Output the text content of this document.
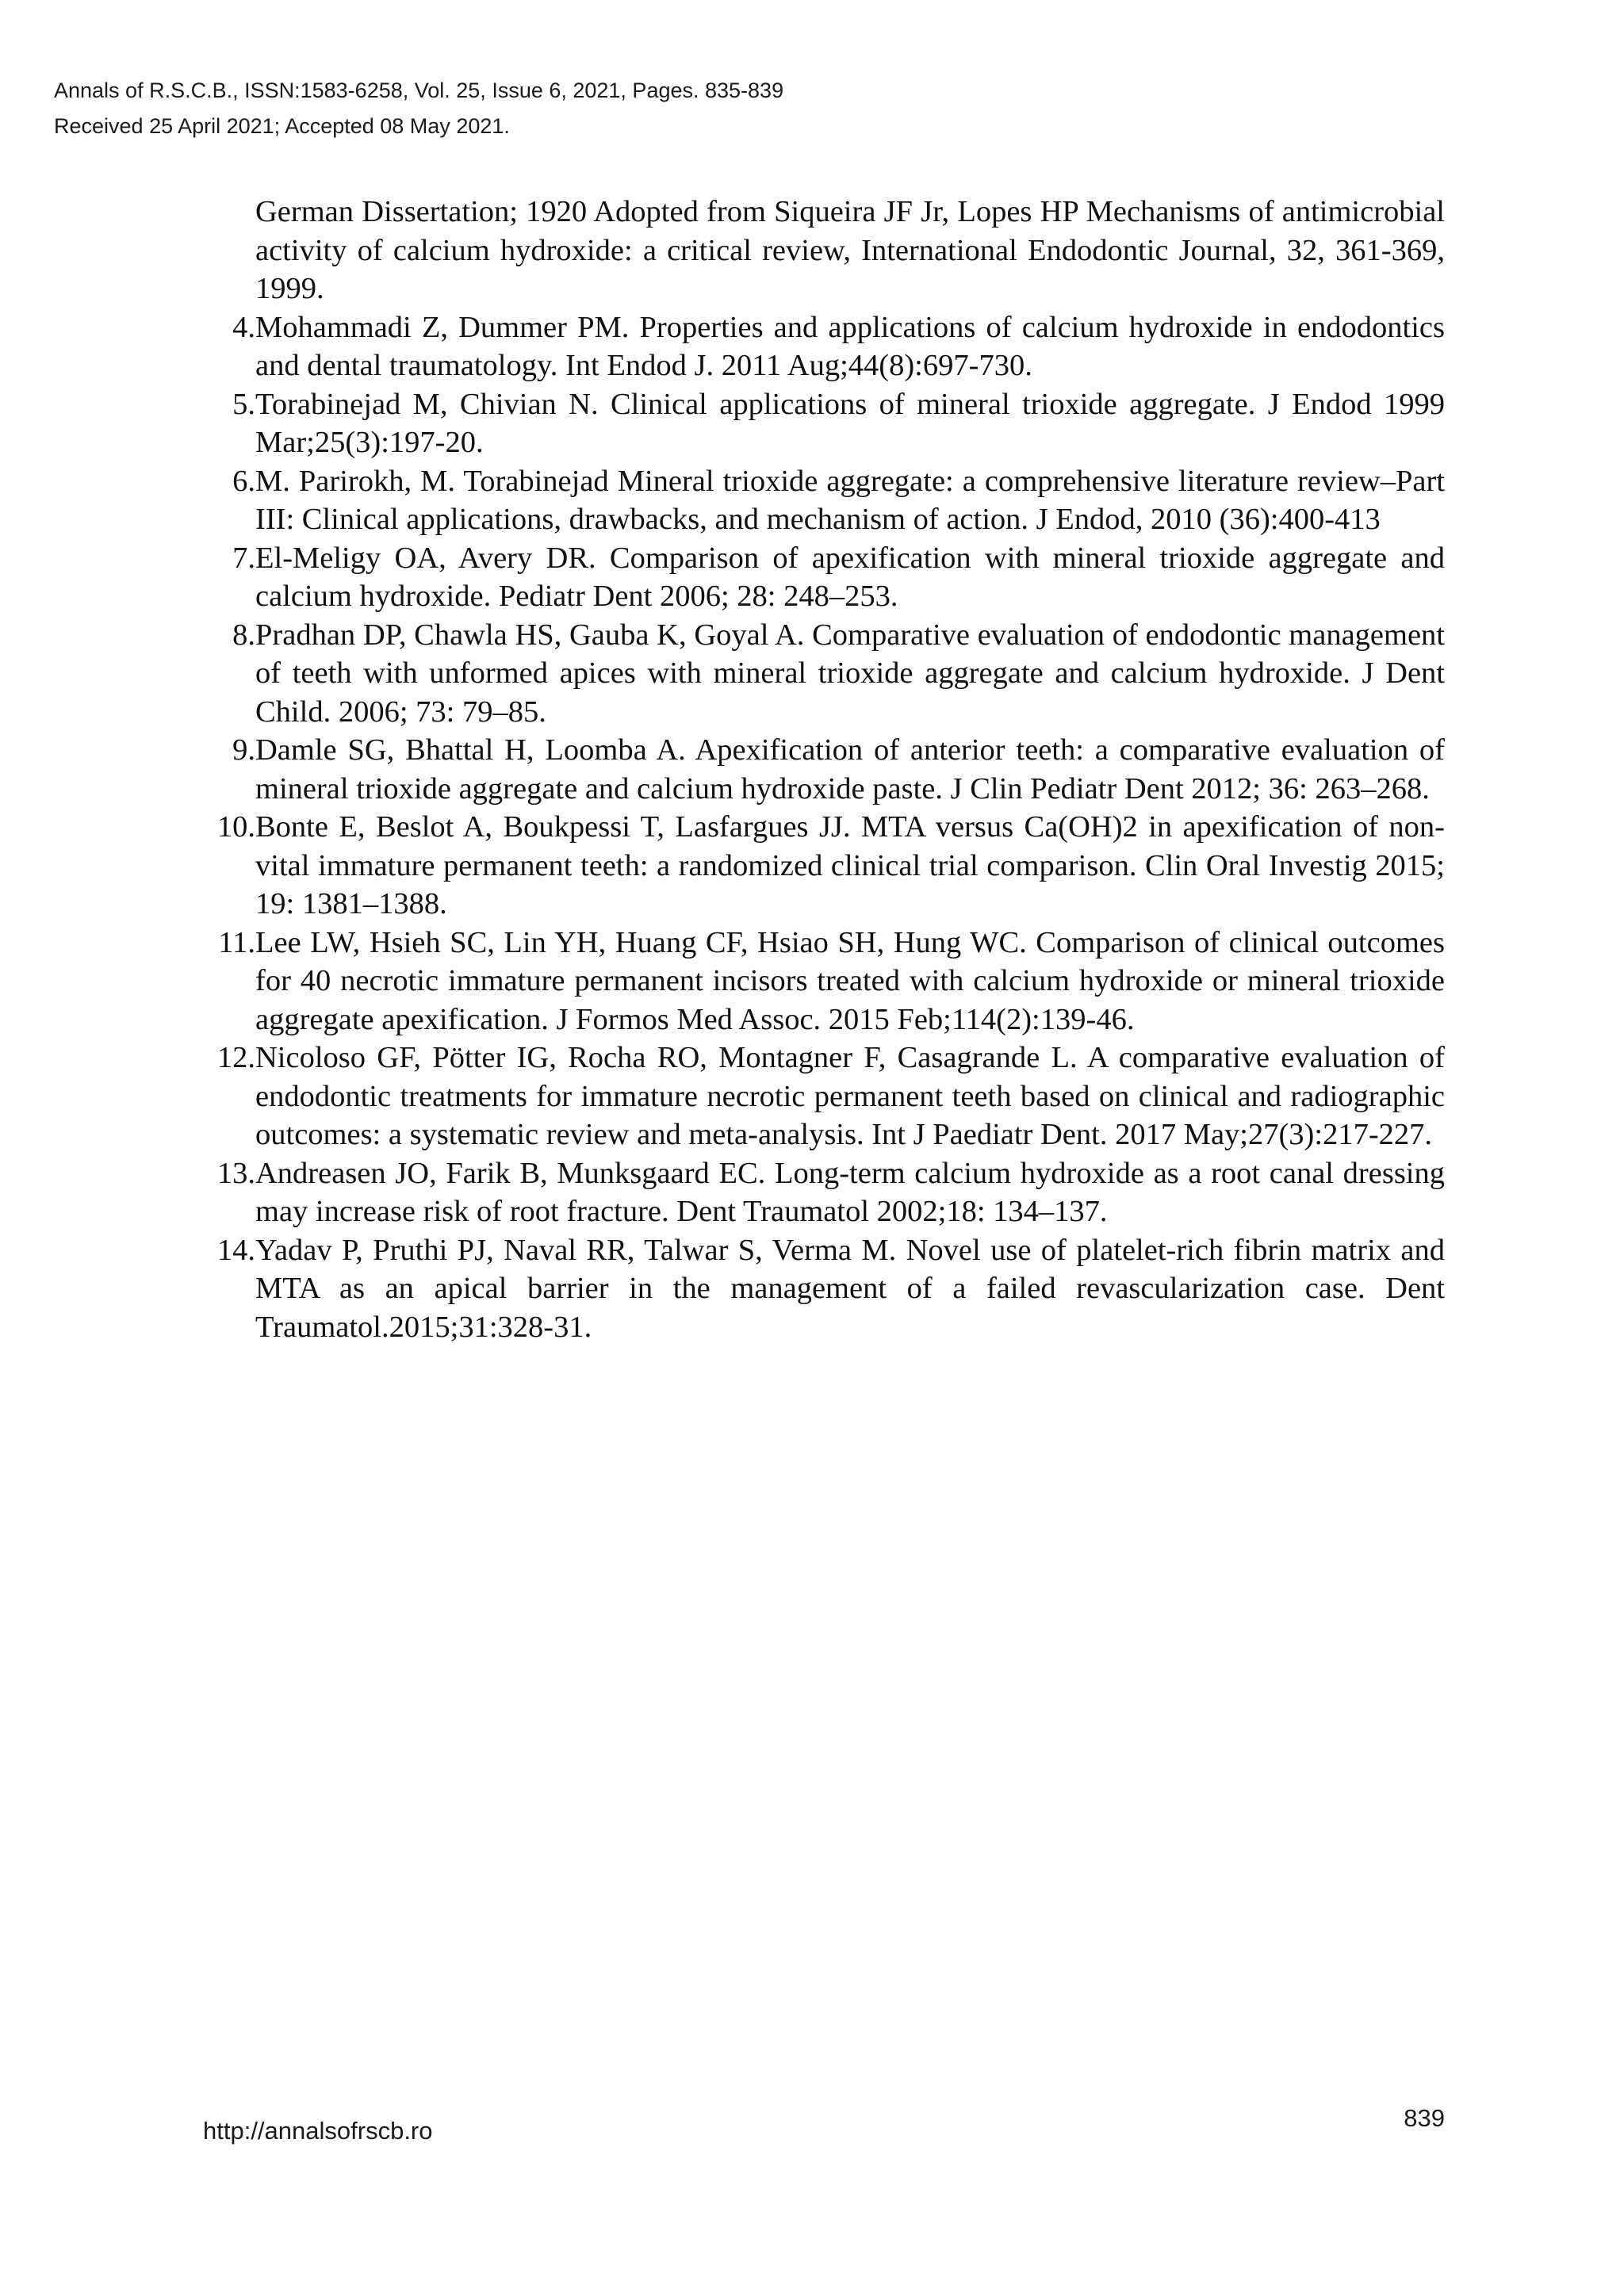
Annals of R.S.C.B., ISSN:1583-6258, Vol. 25, Issue 6, 2021, Pages. 835-839
Received 25 April 2021; Accepted 08 May 2021.
German Dissertation; 1920 Adopted from Siqueira JF Jr, Lopes HP Mechanisms of antimicrobial activity of calcium hydroxide: a critical review, International Endodontic Journal, 32, 361-369, 1999.
4. Mohammadi Z, Dummer PM. Properties and applications of calcium hydroxide in endodontics and dental traumatology. Int Endod J. 2011 Aug;44(8):697-730.
5. Torabinejad M, Chivian N. Clinical applications of mineral trioxide aggregate. J Endod 1999 Mar;25(3):197-20.
6. M. Parirokh, M. Torabinejad Mineral trioxide aggregate: a comprehensive literature review–Part III: Clinical applications, drawbacks, and mechanism of action. J Endod, 2010 (36):400-413
7. El-Meligy OA, Avery DR. Comparison of apexification with mineral trioxide aggregate and calcium hydroxide. Pediatr Dent 2006; 28: 248–253.
8. Pradhan DP, Chawla HS, Gauba K, Goyal A. Comparative evaluation of endodontic management of teeth with unformed apices with mineral trioxide aggregate and calcium hydroxide. J Dent Child. 2006; 73: 79–85.
9. Damle SG, Bhattal H, Loomba A. Apexification of anterior teeth: a comparative evaluation of mineral trioxide aggregate and calcium hydroxide paste. J Clin Pediatr Dent 2012; 36: 263–268.
10. Bonte E, Beslot A, Boukpessi T, Lasfargues JJ. MTA versus Ca(OH)2 in apexification of non-vital immature permanent teeth: a randomized clinical trial comparison. Clin Oral Investig 2015; 19: 1381–1388.
11. Lee LW, Hsieh SC, Lin YH, Huang CF, Hsiao SH, Hung WC. Comparison of clinical outcomes for 40 necrotic immature permanent incisors treated with calcium hydroxide or mineral trioxide aggregate apexification. J Formos Med Assoc. 2015 Feb;114(2):139-46.
12. Nicoloso GF, Pötter IG, Rocha RO, Montagner F, Casagrande L. A comparative evaluation of endodontic treatments for immature necrotic permanent teeth based on clinical and radiographic outcomes: a systematic review and meta-analysis. Int J Paediatr Dent. 2017 May;27(3):217-227.
13. Andreasen JO, Farik B, Munksgaard EC. Long-term calcium hydroxide as a root canal dressing may increase risk of root fracture. Dent Traumatol 2002;18: 134–137.
14. Yadav P, Pruthi PJ, Naval RR, Talwar S, Verma M. Novel use of platelet-rich fibrin matrix and MTA as an apical barrier in the management of a failed revascularization case. Dent Traumatol.2015;31:328-31.
http://annalsofrscb.ro	839
